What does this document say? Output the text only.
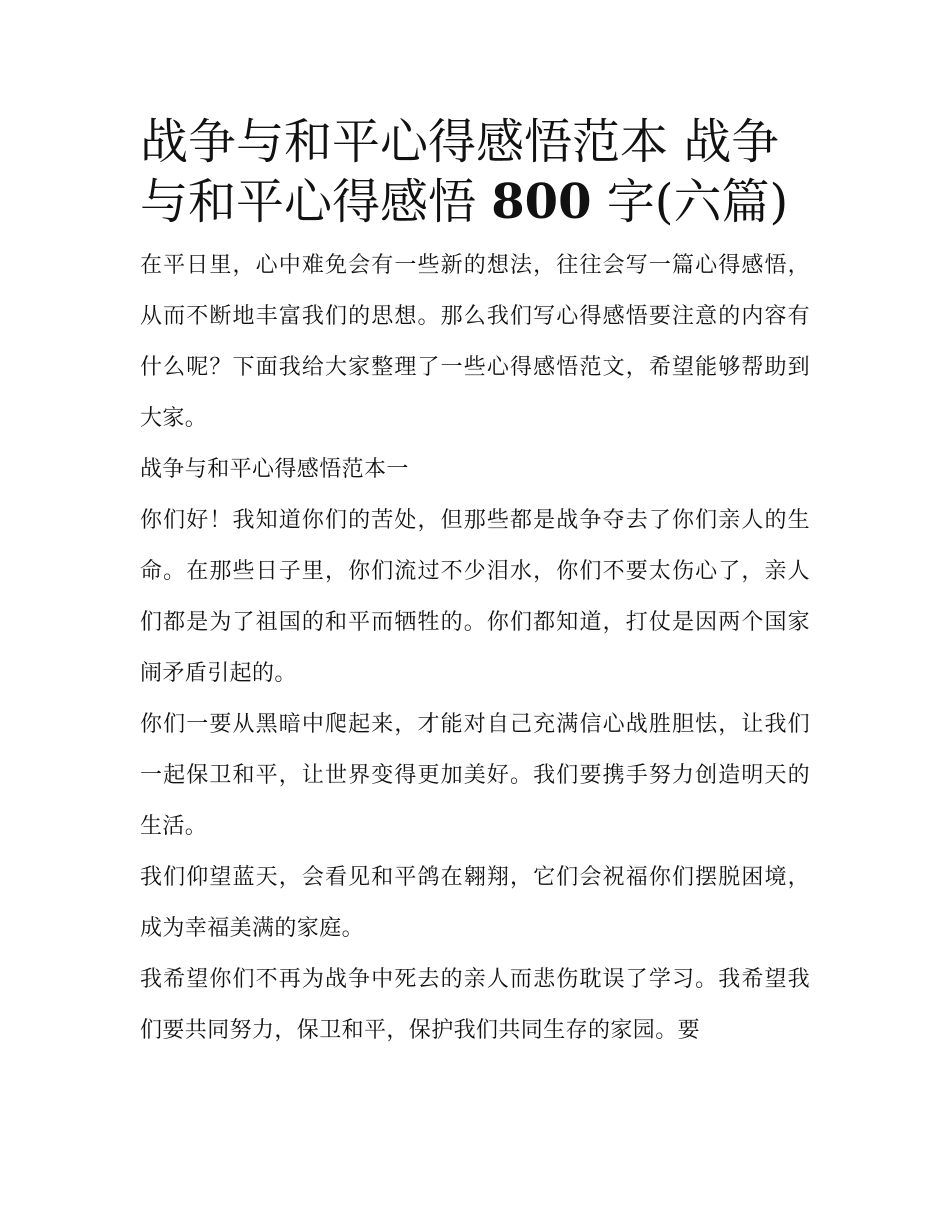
战争与和平心得感悟范本 战争与和平心得感悟 800 字(六篇)

在平日里，心中难免会有一些新的想法，往往会写一篇心得感悟，从而不断地丰富我们的思想。那么我们写心得感悟要注意的内容有什么呢？下面我给大家整理了一些心得感悟范文，希望能够帮助到大家。

战争与和平心得感悟范本一

你们好！我知道你们的苦处，但那些都是战争夺去了你们亲人的生命。在那些日子里，你们流过不少泪水，你们不要太伤心了，亲人们都是为了祖国的和平而牺牲的。你们都知道，打仗是因两个国家闹矛盾引起的。

你们一要从黑暗中爬起来，才能对自己充满信心战胜胆怯，让我们一起保卫和平，让世界变得更加美好。我们要携手努力创造明天的生活。

我们仰望蓝天，会看见和平鸽在翱翔，它们会祝福你们摆脱困境，成为幸福美满的家庭。

我希望你们不再为战争中死去的亲人而悲伤耽误了学习。我希望我们要共同努力，保卫和平，保护我们共同生存的家园。要
